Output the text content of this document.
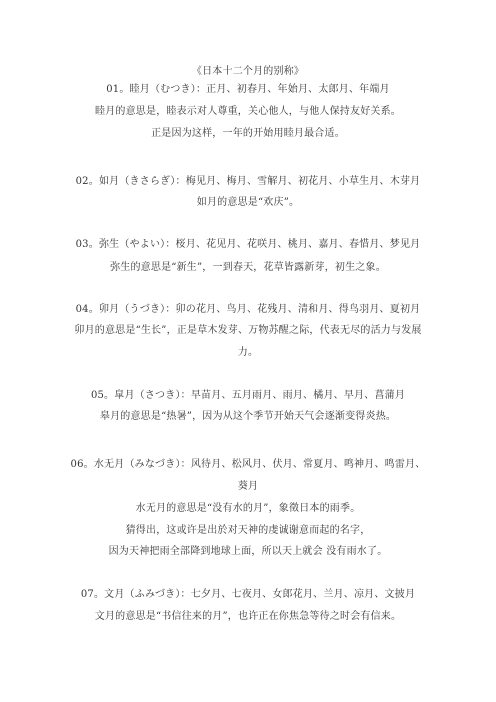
《日本十二个月的别称》
01。睦月（むつき）：正月、初春月、年始月、太郎月、年端月
睦月的意思是，睦表示对人尊重，关心他人，与他人保持友好关系。
正是因为这样，一年的开始用睦月最合适。
02。如月（きさらぎ）：梅见月、梅月、雪解月、初花月、小草生月、木芽月
如月的意思是“欢庆”。
03。弥生（やよい）：桜月、花见月、花咲月、桃月、嘉月、春惜月、梦见月
弥生的意思是“新生”，一到春天，花草皆露新芽，初生之象。
04。卯月（うづき）：卯の花月、鸟月、花残月、清和月、得鸟羽月、夏初月
卯月的意思是“生长”，正是草木发芽、万物苏醒之际，代表无尽的活力与发展
力。
05。皐月（さつき）：早苗月、五月雨月、雨月、橘月、早月、菖蒲月
皋月的意思是“热暑”，因为从这个季节开始天气会逐渐变得炎热。
06。水无月（みなづき）：风待月、松风月、伏月、常夏月、鸣神月、鸣雷月、
葵月
水无月的意思是“没有水的月”，象徵日本的雨季。
猜得出，这或许是出於对天神的虔诚谢意而起的名字，
因为天神把雨全部降到地球上面，所以天上就会 没有雨水了。
07。文月（ふみづき）：七夕月、七夜月、女郎花月、兰月、凉月、文披月
文月的意思是“书信往来的月”，也许正在你焦急等待之时会有信来。
